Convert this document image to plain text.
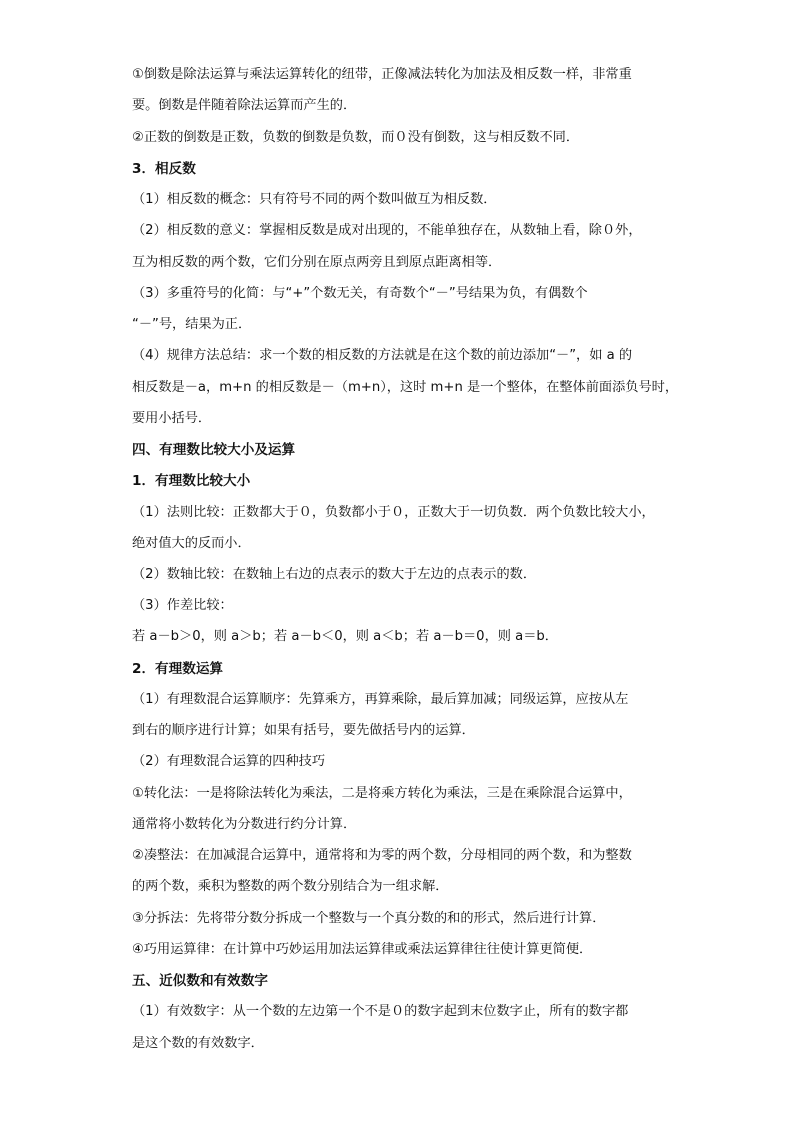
①倒数是除法运算与乘法运算转化的纽带，正像减法转化为加法及相反数一样，非常重

要。倒数是伴随着除法运算而产生的．

②正数的倒数是正数，负数的倒数是负数，而０没有倒数，这与相反数不同．

3．相反数

（1）相反数的概念：只有符号不同的两个数叫做互为相反数．

（2）相反数的意义：掌握相反数是成对出现的，不能单独存在，从数轴上看，除０外，

互为相反数的两个数，它们分别在原点两旁且到原点距离相等．

（3）多重符号的化简：与“+”个数无关，有奇数个“－”号结果为负，有偶数个

“－”号，结果为正．

（4）规律方法总结：求一个数的相反数的方法就是在这个数的前边添加“－”，如 a 的

相反数是－a，m+n 的相反数是－（m+n），这时 m+n 是一个整体，在整体前面添负号时，

要用小括号．

四、有理数比较大小及运算

1．有理数比较大小

（1）法则比较：正数都大于０，负数都小于０，正数大于一切负数．两个负数比较大小，

绝对值大的反而小．

（2）数轴比较：在数轴上右边的点表示的数大于左边的点表示的数．

（3）作差比较：

若 a－b＞0，则 a＞b；若 a－b＜0，则 a＜b；若 a－b＝0，则 a＝b．

2．有理数运算

（1）有理数混合运算顺序：先算乘方，再算乘除，最后算加减；同级运算，应按从左

到右的顺序进行计算；如果有括号，要先做括号内的运算．

（2）有理数混合运算的四种技巧

①转化法：一是将除法转化为乘法，二是将乘方转化为乘法，三是在乘除混合运算中，

通常将小数转化为分数进行约分计算．

②凑整法：在加减混合运算中，通常将和为零的两个数，分母相同的两个数，和为整数

的两个数，乘积为整数的两个数分别结合为一组求解．

③分拆法：先将带分数分拆成一个整数与一个真分数的和的形式，然后进行计算．

④巧用运算律：在计算中巧妙运用加法运算律或乘法运算律往往使计算更简便．

五、近似数和有效数字

（1）有效数字：从一个数的左边第一个不是０的数字起到末位数字止，所有的数字都

是这个数的有效数字．
